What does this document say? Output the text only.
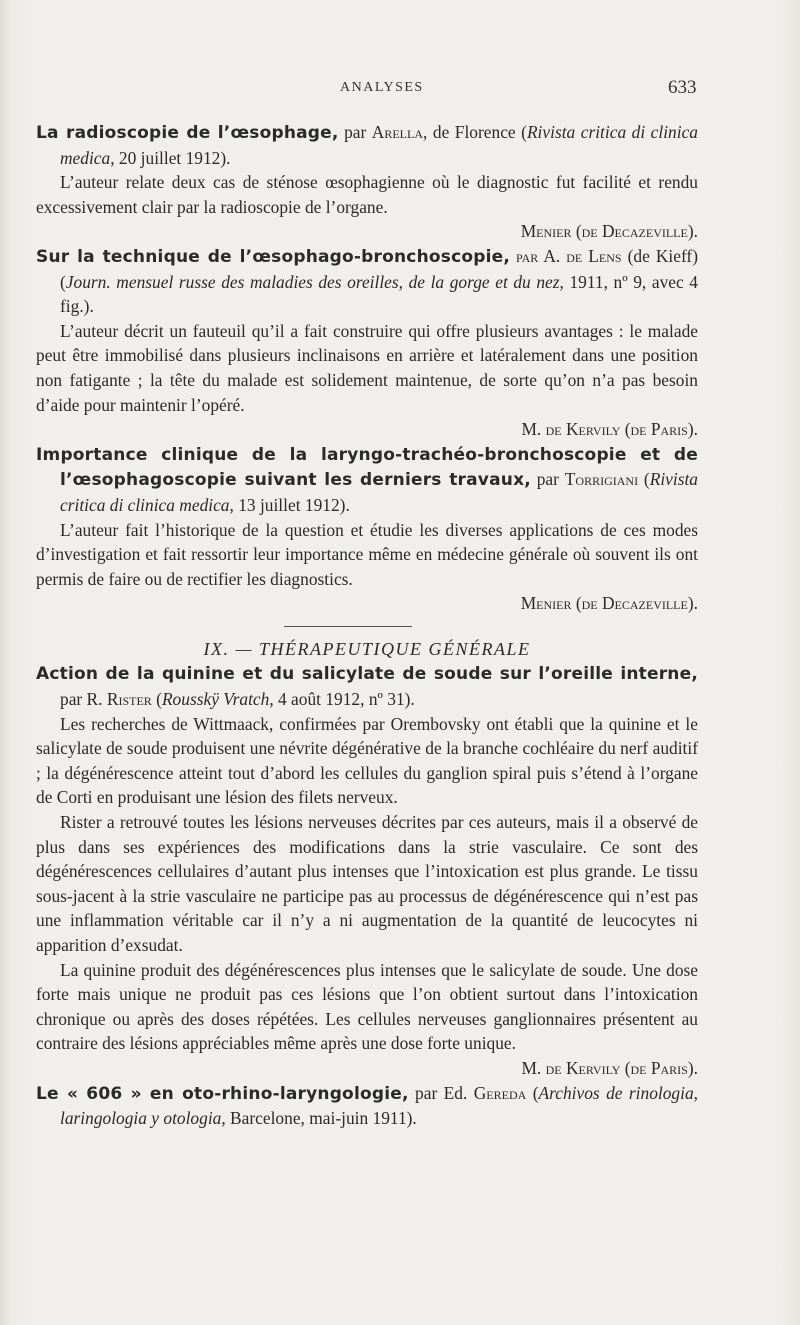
ANALYSES	633

La radioscopie de l’œsophage, par Arella, de Florence (Rivista critica di clinica medica, 20 juillet 1912).

L’auteur relate deux cas de sténose œsophagienne où le diagnostic fut facilité et rendu excessivement clair par la radioscopie de l’organe.

Menier (de Decazeville).

Sur la technique de l’œsophago-bronchoscopie, par A. de Lens (de Kieff) (Journ. mensuel russe des maladies des oreilles, de la gorge et du nez, 1911, nº 9, avec 4 fig.).

L’auteur décrit un fauteuil qu’il a fait construire qui offre plusieurs avantages : le malade peut être immobilisé dans plusieurs inclinaisons en arrière et latéralement dans une position non fatigante ; la tête du malade est solidement maintenue, de sorte qu’on n’a pas besoin d’aide pour maintenir l’opéré.

M. de Kervily (de Paris).

Importance clinique de la laryngo-trachéo-bronchoscopie et de l’œsophagoscopie suivant les derniers travaux, par Torrigiani (Rivista critica di clinica medica, 13 juillet 1912).

L’auteur fait l’historique de la question et étudie les diverses applications de ces modes d’investigation et fait ressortir leur importance même en médecine générale où souvent ils ont permis de faire ou de rectifier les diagnostics.

Menier (de Decazeville).

IX. — THÉRAPEUTIQUE GÉNÉRALE

Action de la quinine et du salicylate de soude sur l’oreille interne, par R. Rister (Rousskÿ Vratch, 4 août 1912, nº 31).

Les recherches de Wittmaack, confirmées par Orembovsky ont établi que la quinine et le salicylate de soude produisent une névrite dégénérative de la branche cochléaire du nerf auditif ; la dégénérescence atteint tout d’abord les cellules du ganglion spiral puis s’étend à l’organe de Corti en produisant une lésion des filets nerveux.

Rister a retrouvé toutes les lésions nerveuses décrites par ces auteurs, mais il a observé de plus dans ses expériences des modifications dans la strie vasculaire. Ce sont des dégénérescences cellulaires d’autant plus intenses que l’intoxication est plus grande. Le tissu sous-jacent à la strie vasculaire ne participe pas au processus de dégénérescence qui n’est pas une inflammation véritable car il n’y a ni augmentation de la quantité de leucocytes ni apparition d’exsudat.

La quinine produit des dégénérescences plus intenses que le salicylate de soude. Une dose forte mais unique ne produit pas ces lésions que l’on obtient surtout dans l’intoxication chronique ou après des doses répétées. Les cellules nerveuses ganglionnaires présentent au contraire des lésions appréciables même après une dose forte unique.

M. de Kervily (de Paris).

Le « 606 » en oto-rhino-laryngologie, par Ed. Gereda (Archivos de rinologia, laringologia y otologia, Barcelone, mai-juin 1911).
